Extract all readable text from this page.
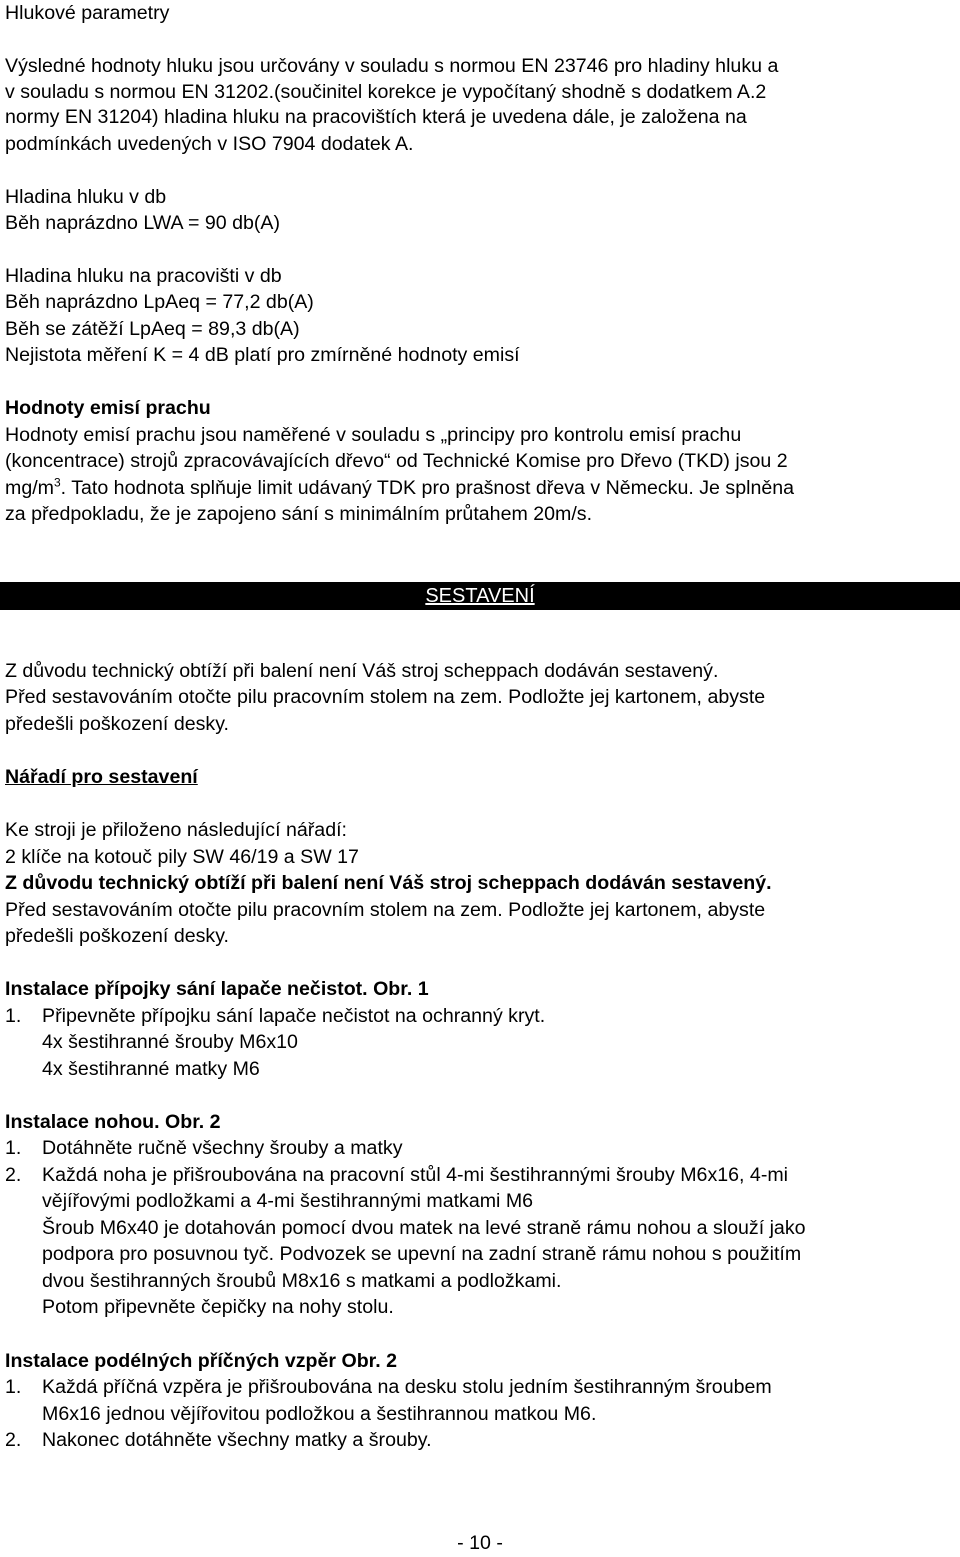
Hlukové parametry
Výsledné hodnoty hluku jsou určovány v souladu s normou EN 23746 pro hladiny hluku a
v souladu s normou EN 31202.(součinitel korekce je vypočítaný shodně s dodatkem A.2
normy EN 31204) hladina hluku na pracovištích která je uvedena dále, je založena na
podmínkách uvedených v ISO 7904 dodatek A.
Hladina hluku v db
Běh naprázdno LWA = 90 db(A)
Hladina hluku na pracovišti v db
Běh naprázdno LpAeq = 77,2 db(A)
Běh se zátěží LpAeq = 89,3 db(A)
Nejistota měření K = 4 dB platí pro zmírněné hodnoty emisí
Hodnoty emisí prachu
Hodnoty emisí prachu jsou naměřené v souladu s „principy pro kontrolu emisí prachu
(koncentrace) strojů zpracovávajících dřevo“ od Technické Komise pro Dřevo (TKD) jsou 2
$mg/m^3$. Tato hodnota splňuje limit udávaný TDK pro prašnost dřeva v Německu. Je splněna
za předpokladu, že je zapojeno sání s minimálním průtahem 20m/s.
SESTAVENÍ
Z důvodu technický obtíží při balení není Váš stroj scheppach dodáván sestavený.
Před sestavováním otočte pilu pracovním stolem na zem. Podložte jej kartonem, abyste
předešli poškození desky.
Nářadí pro sestavení
Ke stroji je přiloženo následující nářadí:
2 klíče na kotouč pily SW 46/19 a SW 17
Z důvodu technický obtíží při balení není Váš stroj scheppach dodáván sestavený.
Před sestavováním otočte pilu pracovním stolem na zem. Podložte jej kartonem, abyste
předešli poškození desky.
Instalace přípojky sání lapače nečistot. Obr. 1
1. Připevněte přípojku sání lapače nečistot na ochranný kryt.
4x šestihranné šrouby M6x10
4x šestihranné matky M6
Instalace nohou. Obr. 2
1. Dotáhněte ručně všechny šrouby a matky
2. Každá noha je přišroubována na pracovní stůl 4-mi šestihrannými šrouby M6x16, 4-mi
vějířovými podložkami a 4-mi šestihrannými matkami M6
Šroub M6x40 je dotahován pomocí dvou matek na levé straně rámu nohou a slouží jako
podpora pro posuvnou tyč. Podvozek se upevní na zadní straně rámu nohou s použitím
dvou šestihranných šroubů M8x16 s matkami a podložkami.
Potom připevněte čepičky na nohy stolu.
Instalace podélných příčných vzpěr Obr. 2
1. Každá příčná vzpěra je přišroubována na desku stolu jedním šestihranným šroubem
M6x16 jednou vějířovitou podložkou a šestihrannou matkou M6.
2. Nakonec dotáhněte všechny matky a šrouby.
- 10 -
